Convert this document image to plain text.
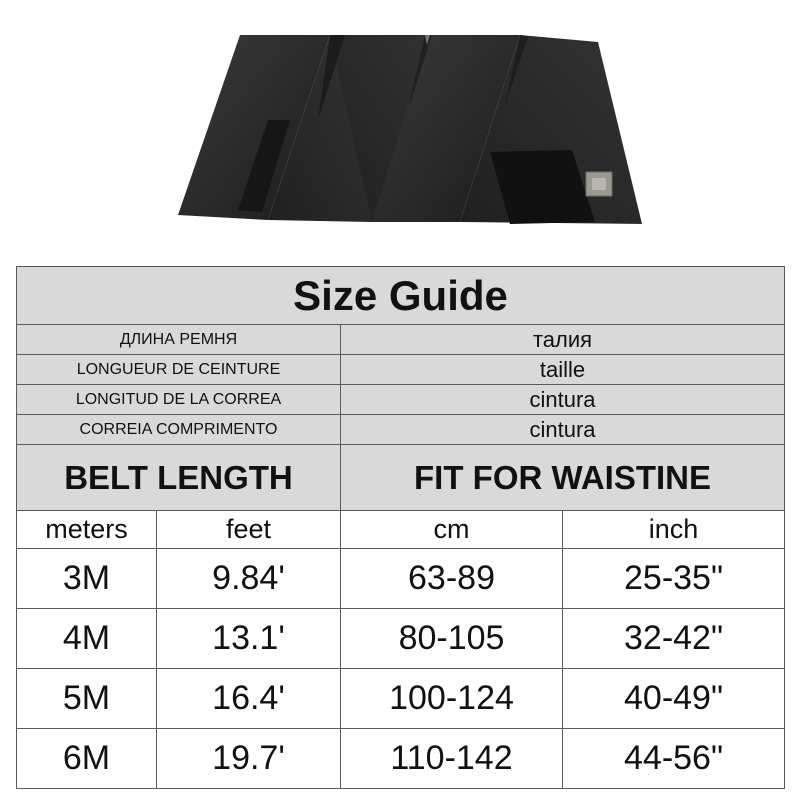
Size Guide			
ДЛИНА РЕМНЯ		талия	
LONGUEUR DE CEINTURE		taille	
LONGITUD DE LA CORREA		cintura	
CORREIA COMPRIMENTO		cintura	
BELT LENGTH		FIT FOR WAISTINE	
meters	feet	cm	inch
3M	9.84'	63-89	25-35"
4M	13.1'	80-105	32-42"
5M	16.4'	100-124	40-49"
6M	19.7'	110-142	44-56"
